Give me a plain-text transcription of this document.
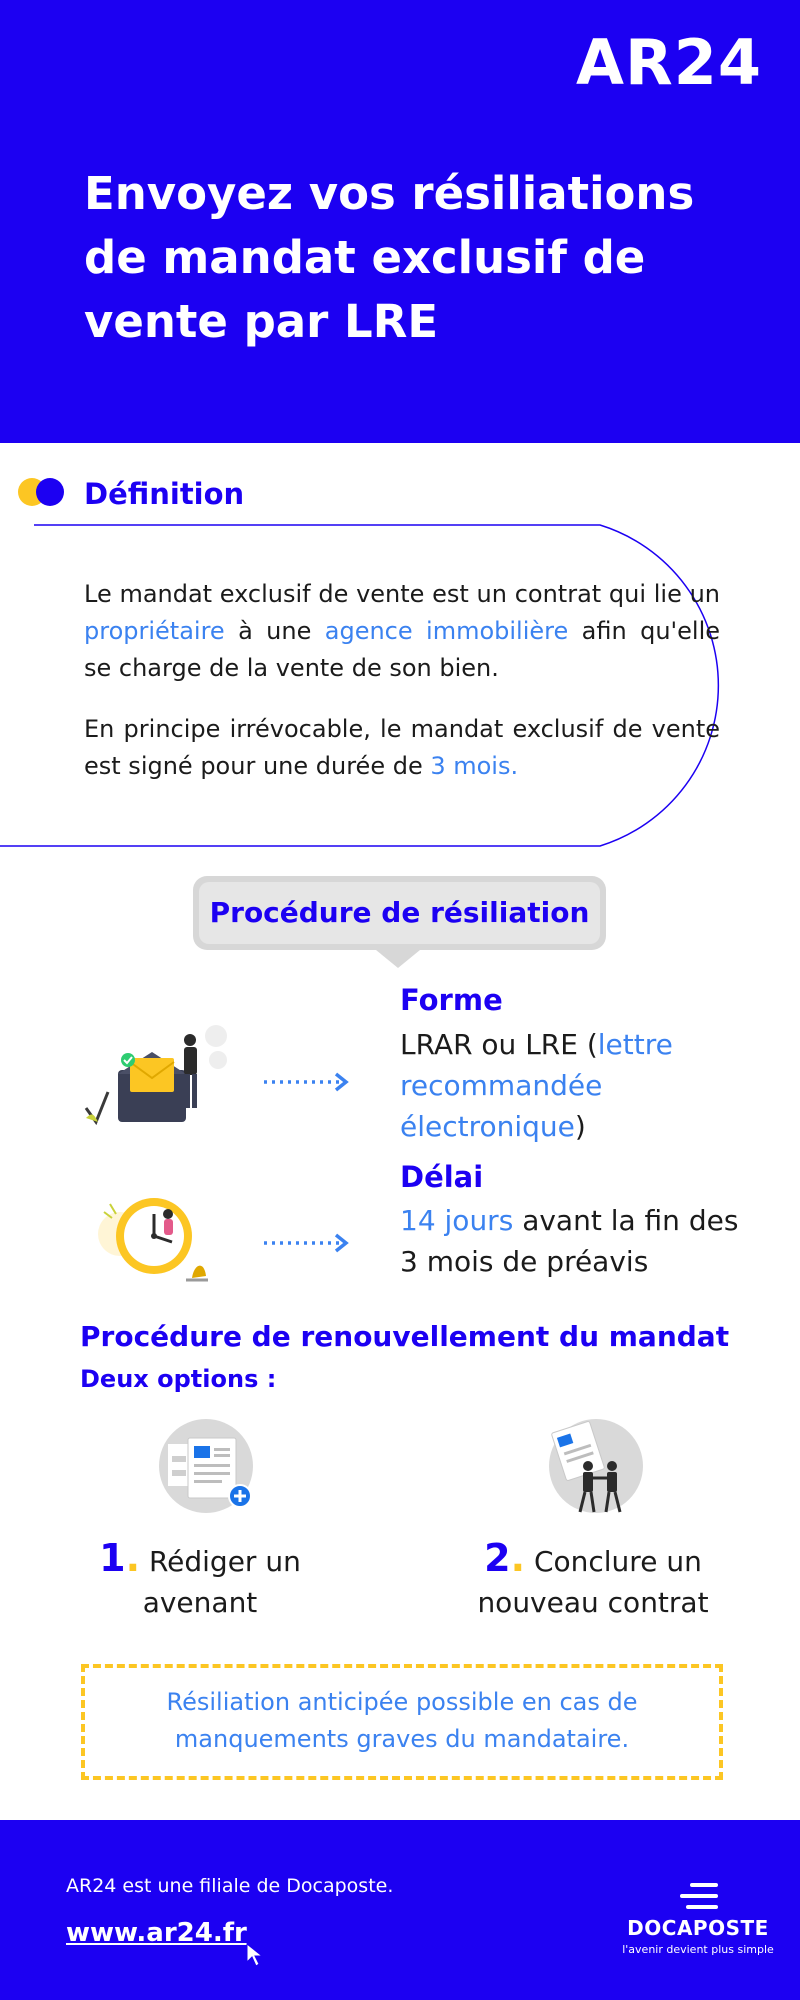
AR24
Envoyez vos résiliations de mandat exclusif de vente par LRE
Définition

Le mandat exclusif de vente est un contrat qui lie un propriétaire à une agence immobilière afin qu'elle se charge de la vente de son bien.

En principe irrévocable, le mandat exclusif de vente est signé pour une durée de 3 mois.

Procédure de résiliation
Forme
LRAR ou LRE (lettre recommandée électronique)
Délai
14 jours avant la fin des 3 mois de préavis
Procédure de renouvellement du mandat
Deux options :
1. Rédiger un avenant
2. Conclure un nouveau contrat
Résiliation anticipée possible en cas de manquements graves du mandataire.
AR24 est une filiale de Docaposte.
www.ar24.fr	DOCAPOSTE
l'avenir devient plus simple
